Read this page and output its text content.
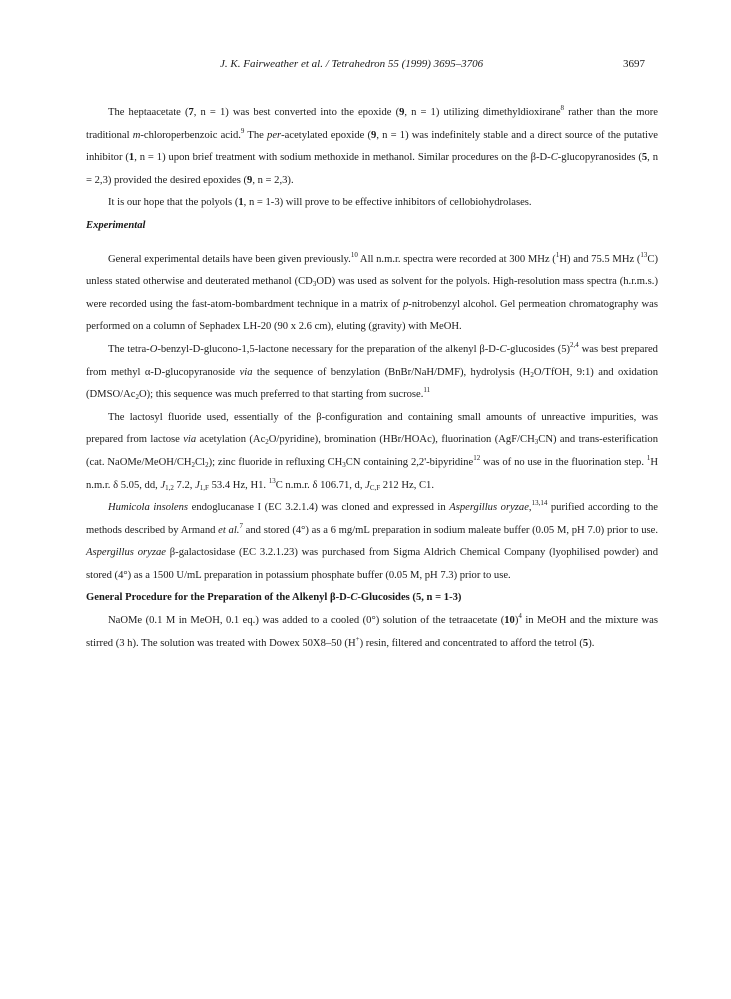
J. K. Fairweather et al. / Tetrahedron 55 (1999) 3695–3706	3697

The heptaacetate (7, n = 1) was best converted into the epoxide (9, n = 1) utilizing dimethyldioxirane$^8$ rather than the more traditional m-chloroperbenzoic acid.$^9$ The per-acetylated epoxide (9, n = 1) was indefinitely stable and a direct source of the putative inhibitor (1, n = 1) upon brief treatment with sodium methoxide in methanol. Similar procedures on the β-D-C-glucopyranosides (5, n = 2,3) provided the desired epoxides (9, n = 2,3).

It is our hope that the polyols (1, n = 1-3) will prove to be effective inhibitors of cellobiohydrolases.

Experimental

General experimental details have been given previously.$^{10}$ All n.m.r. spectra were recorded at 300 MHz ($^1$H) and 75.5 MHz ($^{13}$C) unless stated otherwise and deuterated methanol $(CD_3OD)$ was used as solvent for the polyols. High-resolution mass spectra (h.r.m.s.) were recorded using the fast-atom-bombardment technique in a matrix of p-nitrobenzyl alcohol. Gel permeation chromatography was performed on a column of Sephadex LH-20 (90 x 2.6 cm), eluting (gravity) with MeOH.

The tetra-O-benzyl-D-glucono-1,5-lactone necessary for the preparation of the alkenyl β-D-C-glucosides $(5)^{2,4}$ was best prepared from methyl α-D-glucopyranoside via the sequence of benzylation (BnBr/NaH/DMF), hydrolysis ($H_2O$/TfOH, 9:1) and oxidation $(DMSO/Ac_2O)$; this sequence was much preferred to that starting from sucrose.$^{11}$

The lactosyl fluoride used, essentially of the β-configuration and containing small amounts of unreactive impurities, was prepared from lactose via acetylation $(Ac_2O/pyridine)$, bromination (HBr/HOAc), fluorination $(AgF/CH_3CN)$ and trans-esterification (cat. NaOMe/$MeOH/CH_2Cl_2$); zinc fluoride in refluxing $CH_3CN$ containing 2,2'-bipyridine$^{12}$ was of no use in the fluorination step. $^1$H n.m.r. δ 5.05, dd, $J_{1,2}$ 7.2, $J_{1,F}$ 53.4 Hz, H1. $^{13}$C n.m.r. δ 106.71, d, $J_{C,F}$ 212 Hz, C1.

Humicola insolens endoglucanase I (EC 3.2.1.4) was cloned and expressed in Aspergillus oryzae,$^{13,14}$ purified according to the methods described by Armand et al.$^7$ and stored (4°) as a 6 mg/mL preparation in sodium maleate buffer (0.05 M, pH 7.0) prior to use. Aspergillus oryzae β-galactosidase (EC 3.2.1.23) was purchased from Sigma Aldrich Chemical Company (lyophilised powder) and stored (4°) as a 1500 U/mL preparation in potassium phosphate buffer (0.05 M, pH 7.3) prior to use.

General Procedure for the Preparation of the Alkenyl β-D-C-Glucosides (5, n = 1-3)

NaOMe (0.1 M in MeOH, 0.1 eq.) was added to a cooled (0°) solution of the tetraacetate $(10)^4$ in MeOH and the mixture was stirred (3 h). The solution was treated with Dowex 50X8–50 (H+) resin, filtered and concentrated to afford the tetrol (5).
